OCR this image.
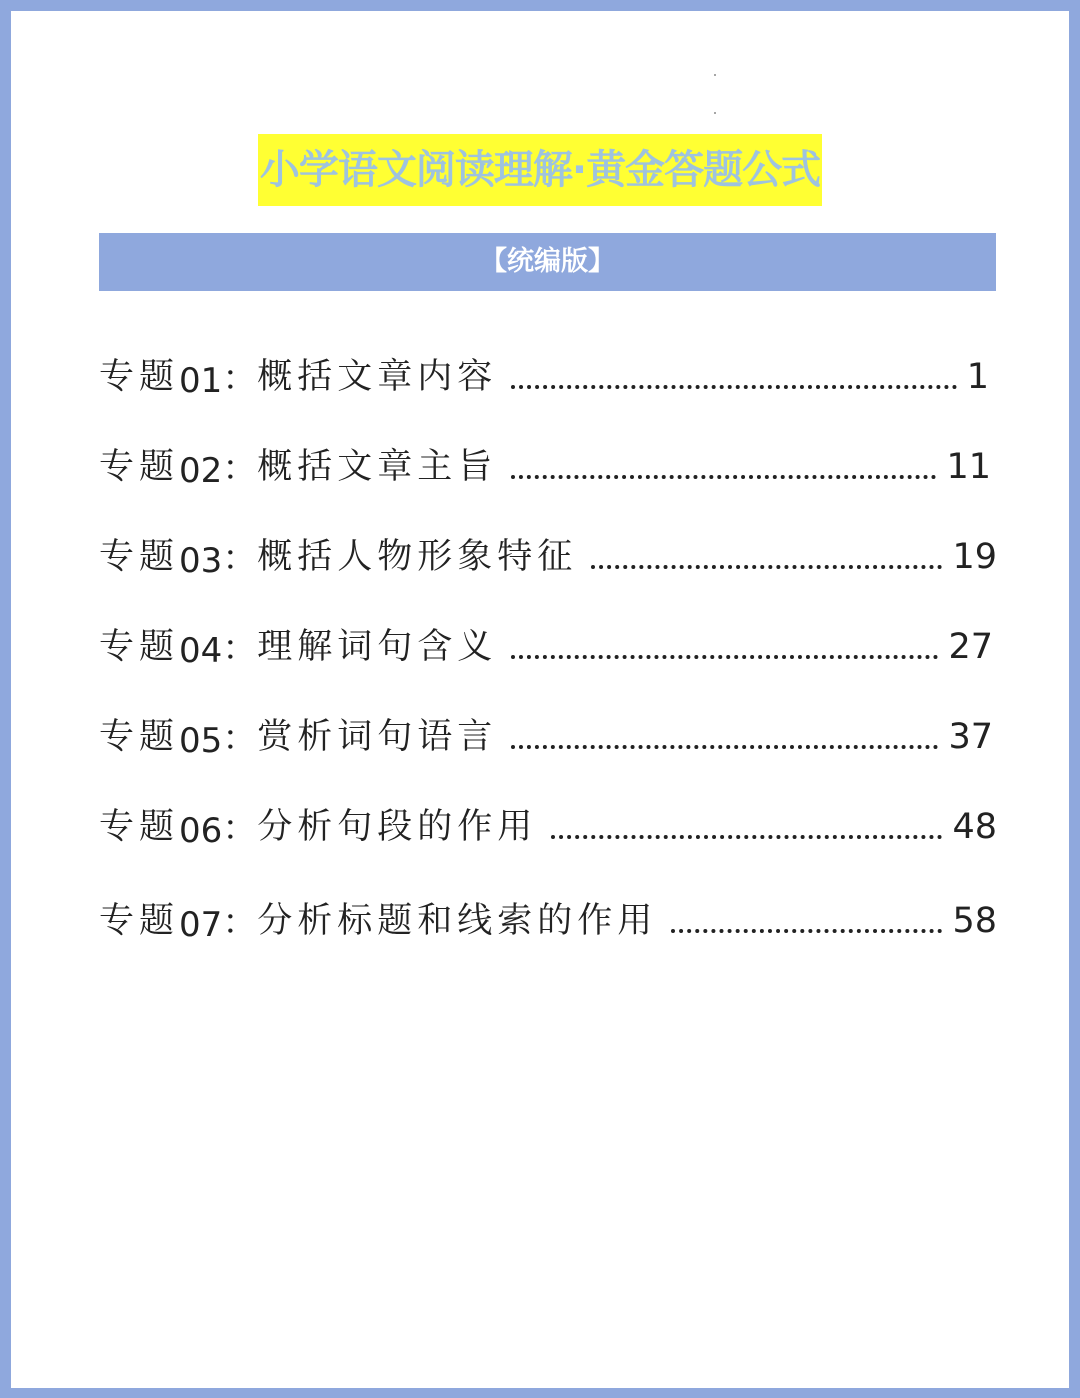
小学语文阅读理解·黄金答题公式
【统编版】
专题 01 ： 概括文章内容	1
专题 02 ： 概括文章主旨	11
专题 03 ： 概括人物形象特征	19
专题 04 ： 理解词句含义	27
专题 05 ： 赏析词句语言	37
专题 06 ： 分析句段的作用	48
专题 07 ： 分析标题和线索的作用	58
